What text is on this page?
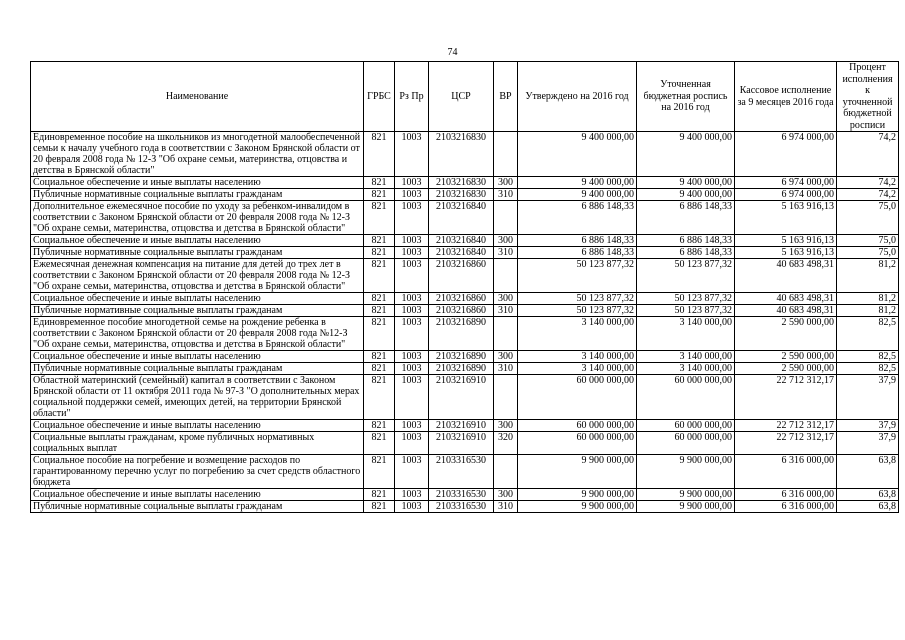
74
Наименование	ГРБС	Рз Пр	ЦСР	ВР	Утверждено на 2016 год	Уточненная бюджетная роспись на 2016 год	Кассовое исполнение за 9 месяцев 2016 года	Процент исполнения к уточненной бюджетной росписи
Единовременное пособие на школьников из многодетной малообеспеченной семьи к началу учебного года в соответствии с Законом Брянской области от 20 февраля 2008 года № 12-З "Об охране семьи, материнства, отцовства и детства в Брянской области"	821	1003	2103216830		9 400 000,00	9 400 000,00	6 974 000,00	74,2
Социальное обеспечение и иные выплаты населению	821	1003	2103216830	300	9 400 000,00	9 400 000,00	6 974 000,00	74,2
Публичные нормативные социальные выплаты гражданам	821	1003	2103216830	310	9 400 000,00	9 400 000,00	6 974 000,00	74,2
Дополнительное ежемесячное пособие по уходу за ребенком-инвалидом в соответствии с Законом Брянской области от 20 февраля 2008 года № 12-З "Об охране семьи, материнства, отцовства и детства в Брянской области"	821	1003	2103216840		6 886 148,33	6 886 148,33	5 163 916,13	75,0
Социальное обеспечение и иные выплаты населению	821	1003	2103216840	300	6 886 148,33	6 886 148,33	5 163 916,13	75,0
Публичные нормативные социальные выплаты гражданам	821	1003	2103216840	310	6 886 148,33	6 886 148,33	5 163 916,13	75,0
Ежемесячная денежная компенсация на питание для детей до трех лет в соответствии с Законом Брянской области от 20 февраля 2008 года № 12-З "Об охране семьи, материнства, отцовства и детства в Брянской области"	821	1003	2103216860		50 123 877,32	50 123 877,32	40 683 498,31	81,2
Социальное обеспечение и иные выплаты населению	821	1003	2103216860	300	50 123 877,32	50 123 877,32	40 683 498,31	81,2
Публичные нормативные социальные выплаты гражданам	821	1003	2103216860	310	50 123 877,32	50 123 877,32	40 683 498,31	81,2
Единовременное пособие многодетной семье на рождение ребенка в соответствии с Законом Брянской области от 20 февраля 2008 года №12-З "Об охране семьи, материнства, отцовства и детства в Брянской области"	821	1003	2103216890		3 140 000,00	3 140 000,00	2 590 000,00	82,5
Социальное обеспечение и иные выплаты населению	821	1003	2103216890	300	3 140 000,00	3 140 000,00	2 590 000,00	82,5
Публичные нормативные социальные выплаты гражданам	821	1003	2103216890	310	3 140 000,00	3 140 000,00	2 590 000,00	82,5
Областной материнский (семейный) капитал в соответствии с Законом Брянской области от 11 октября 2011 года № 97-З "О дополнительных мерах социальной поддержки семей, имеющих детей, на территории Брянской области"	821	1003	2103216910		60 000 000,00	60 000 000,00	22 712 312,17	37,9
Социальное обеспечение и иные выплаты населению	821	1003	2103216910	300	60 000 000,00	60 000 000,00	22 712 312,17	37,9
Социальные выплаты гражданам, кроме публичных нормативных социальных выплат	821	1003	2103216910	320	60 000 000,00	60 000 000,00	22 712 312,17	37,9
Социальное пособие на погребение и возмещение расходов по гарантированному перечню услуг по погребению за счет средств областного бюджета	821	1003	2103316530		9 900 000,00	9 900 000,00	6 316 000,00	63,8
Социальное обеспечение и иные выплаты населению	821	1003	2103316530	300	9 900 000,00	9 900 000,00	6 316 000,00	63,8
Публичные нормативные социальные выплаты гражданам	821	1003	2103316530	310	9 900 000,00	9 900 000,00	6 316 000,00	63,8
